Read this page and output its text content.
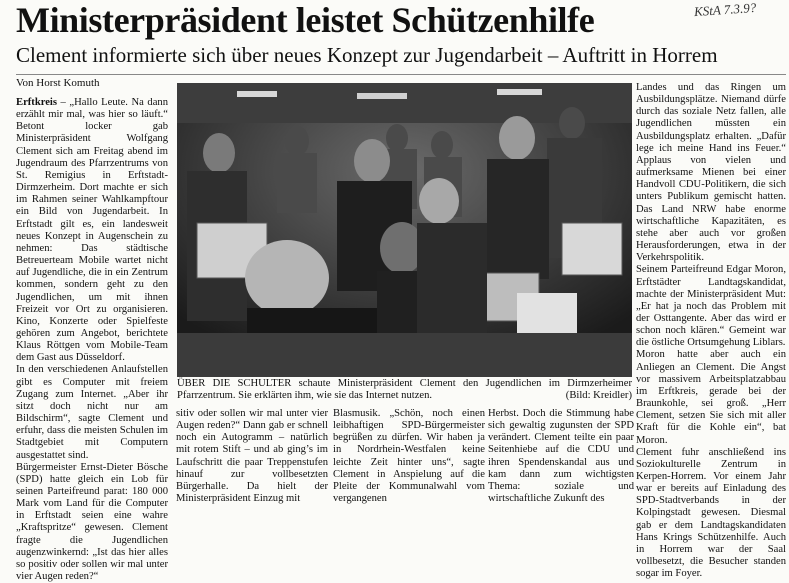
Ministerpräsident leistet Schützenhilfe	KStA 7.3.9?
Clement informierte sich über neues Konzept zur Jugendarbeit – Auftritt in Horrem
Von Horst Komuth
Erftkreis – „Hallo Leute. Na dann erzählt mir mal, was hier so läuft.“ Betont locker gab Ministerpräsident Wolfgang Clement sich am Freitag abend im Jugendraum des Pfarrzentrums von St. Remigius in Erftstadt-Dirmzerheim. Dort machte er sich im Rahmen seiner Wahlkampftour ein Bild von Jugendarbeit. In Erftstadt gilt es, ein landesweit neues Konzept in Augenschein zu nehmen: Das städtische Betreuerteam Mobile wartet nicht auf Jugendliche, die in ein Zentrum kommen, sondern geht zu den Jugendlichen, um mit ihnen Freizeit vor Ort zu organisieren. Kino, Konzerte oder Spielfeste gehören zum Angebot, berichtete Klaus Röttgen vom Mobile-Team dem Gast aus Düsseldorf.
In den verschiedenen Anlaufstellen gibt es Computer mit freiem Zugang zum Internet. „Aber ihr sitzt doch nicht nur am Bildschirm“, sagte Clement und erfuhr, dass die meisten Schulen im Stadtgebiet mit Computern ausgestattet sind.
Bürgermeister Ernst-Dieter Bösche (SPD) hatte gleich ein Lob für seinen Parteifreund parat: 180 000 Mark vom Land für die Computer in Erftstadt seien eine wahre „Kraftspritze“ gewesen. Clement fragte die Jugendlichen augenzwinkernd: „Ist das hier alles so positiv oder sollen wir mal unter vier Augen reden?“
ÜBER DIE SCHULTER schaute Ministerpräsident Clement den Jugendlichen im Dirmzerheimer Pfarrzentrum. Sie erklärten ihm, wie sie das Internet nutzen.	(Bild: Kreidler)
sitiv oder sollen wir mal unter vier Augen reden?“ Dann gab er schnell noch ein Autogramm – natürlich mit rotem Stift – und ab ging’s im Laufschritt die paar Treppenstufen hinauf zur vollbesetzten Bürgerhalle. Da hielt der Ministerpräsident Einzug mit
Blasmusik. „Schön, noch einen leibhaftigen SPD-Bürgermeister begrüßen zu dürfen. Wir haben ja in Nordrhein-Westfalen keine leichte Zeit hinter uns“, sagte Clement in Anspielung auf die Pleite der Kommunalwahl vom vergangenen
Herbst. Doch die Stimmung habe sich gewaltig zugunsten der SPD verändert. Clement teilte ein paar Seitenhiebe auf die CDU und ihren Spendenskandal aus und kam dann zum wichtigsten Thema: soziale und wirtschaftliche Zukunft des
Landes und das Ringen um Ausbildungsplätze. Niemand dürfe durch das soziale Netz fallen, alle Jugendlichen müssten ein Ausbildungsplatz erhalten. „Dafür lege ich meine Hand ins Feuer.“ Applaus von vielen und aufmerksame Mienen bei einer Handvoll CDU-Politikern, die sich unters Publikum gemischt hatten. Das Land NRW habe enorme wirtschaftliche Kapazitäten, es stehe aber auch vor großen Herausforderungen, etwa in der Verkehrspolitik.
Seinem Parteifreund Edgar Moron, Erftstädter Landtagskandidat, machte der Ministerpräsident Mut: „Er hat ja noch das Problem mit der Osttangente. Aber das wird er schon noch klären.“ Gemeint war die östliche Ortsumgehung Liblars.
Moron hatte aber auch ein Anliegen an Clement. Die Angst vor massivem Arbeitsplatzabbau im Erftkreis, gerade bei der Braunkohle, sei groß. „Herr Clement, setzen Sie sich mit aller Kraft für die Kohle ein“, bat Moron.
Clement fuhr anschließend ins Soziokulturelle Zentrum in Kerpen-Horrem. Vor einem Jahr war er bereits auf Einladung des SPD-Stadtverbands in der Kolpingstadt gewesen. Diesmal gab er dem Landtagskandidaten Hans Krings Schützenhilfe. Auch in Horrem war der Saal vollbesetzt, die Besucher standen sogar im Foyer.
